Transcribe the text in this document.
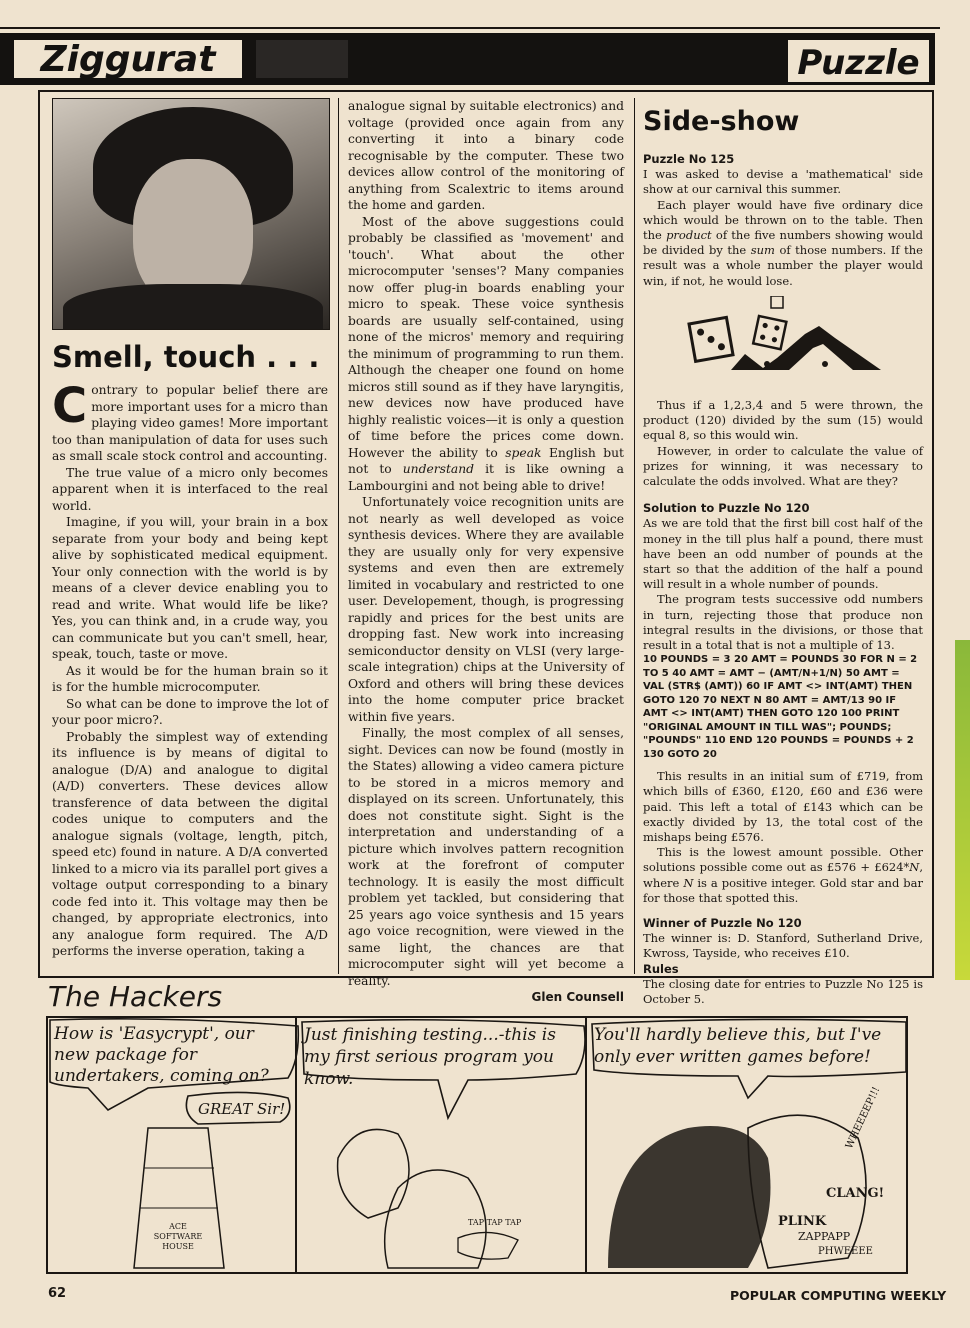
Ziggurat	Puzzle
Smell, touch . . .

Contrary to popular belief there are more important uses for a micro than playing video games! More important too than manipulation of data for uses such as small scale stock control and accounting.

The true value of a micro only becomes apparent when it is interfaced to the real world.

Imagine, if you will, your brain in a box separate from your body and being kept alive by sophisticated medical equipment. Your only connection with the world is by means of a clever device enabling you to read and write. What would life be like? Yes, you can think and, in a crude way, you can communicate but you can't smell, hear, speak, touch, taste or move.

As it would be for the human brain so it is for the humble microcomputer.

So what can be done to improve the lot of your poor micro?.

Probably the simplest way of extending its influence is by means of digital to analogue (D/A) and analogue to digital (A/D) converters. These devices allow transference of data between the digital codes unique to computers and the analogue signals (voltage, length, pitch, speed etc) found in nature. A D/A converted linked to a micro via its parallel port gives a voltage output corresponding to a binary code fed into it. This voltage may then be changed, by appropriate electronics, into any analogue form required. The A/D performs the inverse operation, taking a

analogue signal by suitable electronics) and voltage (provided once again from any converting it into a binary code recognisable by the computer. These two devices allow control of the monitoring of anything from Scalextric to items around the home and garden.

Most of the above suggestions could probably be classified as 'movement' and 'touch'. What about the other microcomputer 'senses'? Many companies now offer plug-in boards enabling your micro to speak. These voice synthesis boards are usually self-contained, using none of the micros' memory and requiring the minimum of programming to run them. Although the cheaper one found on home micros still sound as if they have laryngitis, new devices now have produced have highly realistic voices—it is only a question of time before the prices come down. However the ability to speak English but not to understand it is like owning a Lambourgini and not being able to drive!

Unfortunately voice recognition units are not nearly as well developed as voice synthesis devices. Where they are available they are usually only for very expensive systems and even then are extremely limited in vocabulary and restricted to one user. Developement, though, is progressing rapidly and prices for the best units are dropping fast. New work into increasing semiconductor density on VLSI (very large-scale integration) chips at the University of Oxford and others will bring these devices into the home computer price bracket within five years.

Finally, the most complex of all senses, sight. Devices can now be found (mostly in the States) allowing a video camera picture to be stored in a micros memory and displayed on its screen. Unfortunately, this does not constitute sight. Sight is the interpretation and understanding of a picture which involves pattern recognition work at the forefront of computer technology. It is easily the most difficult problem yet tackled, but considering that 25 years ago voice synthesis and 15 years ago voice recognition, were viewed in the same light, the chances are that microcomputer sight will yet become a reality.

Glen Counsell
Side-show

Puzzle No 125

I was asked to devise a 'mathematical' side show at our carnival this summer.

Each player would have five ordinary dice which would be thrown on to the table. Then the product of the five numbers showing would be divided by the sum of those numbers. If the result was a whole number the player would win, if not, he would lose.

Thus if a 1,2,3,4 and 5 were thrown, the product (120) divided by the sum (15) would equal 8, so this would win.

However, in order to calculate the value of prizes for winning, it was necessary to calculate the odds involved. What are they?

Solution to Puzzle No 120

As we are told that the first bill cost half of the money in the till plus half a pound, there must have been an odd number of pounds at the start so that the addition of the half a pound will result in a whole number of pounds.

The program tests successive odd numbers in turn, rejecting those that produce non integral results in the divisions, or those that result in a total that is not a multiple of 13.

10 POUNDS = 3 20 AMT = POUNDS 30 FOR N = 2 TO 5 40 AMT = AMT − (AMT/N+1/N) 50 AMT = VAL (STR$ (AMT)) 60 IF AMT <> INT(AMT) THEN GOTO 120 70 NEXT N 80 AMT = AMT/13 90 IF AMT <> INT(AMT) THEN GOTO 120 100 PRINT "ORIGINAL AMOUNT IN TILL WAS"; POUNDS; "POUNDS" 110 END 120 POUNDS = POUNDS + 2 130 GOTO 20

This results in an initial sum of £719, from which bills of £360, £120, £60 and £36 were paid. This left a total of £143 which can be exactly divided by 13, the total cost of the mishaps being £576.

This is the lowest amount possible. Other solutions possible come out as £576 + £624*N, where N is a positive integer. Gold star and bar for those that spotted this.

Winner of Puzzle No 120

The winner is: D. Stanford, Sutherland Drive, Kwross, Tayside, who receives £10.

Rules

The closing date for entries to Puzzle No 125 is October 5.

The Hackers
How is 'Easycrypt', our new package for undertakers, coming on?
GREAT Sir!
ACE SOFTWARE HOUSE
Just finishing testing...-this is my first serious program you know.
TAP TAP TAP
You'll hardly believe this, but I've only ever written games before!
CLANG!
PLINK
ZAPPAPP
PHWEEEE
WHEEEEP!!!
62	POPULAR COMPUTING WEEKLY
